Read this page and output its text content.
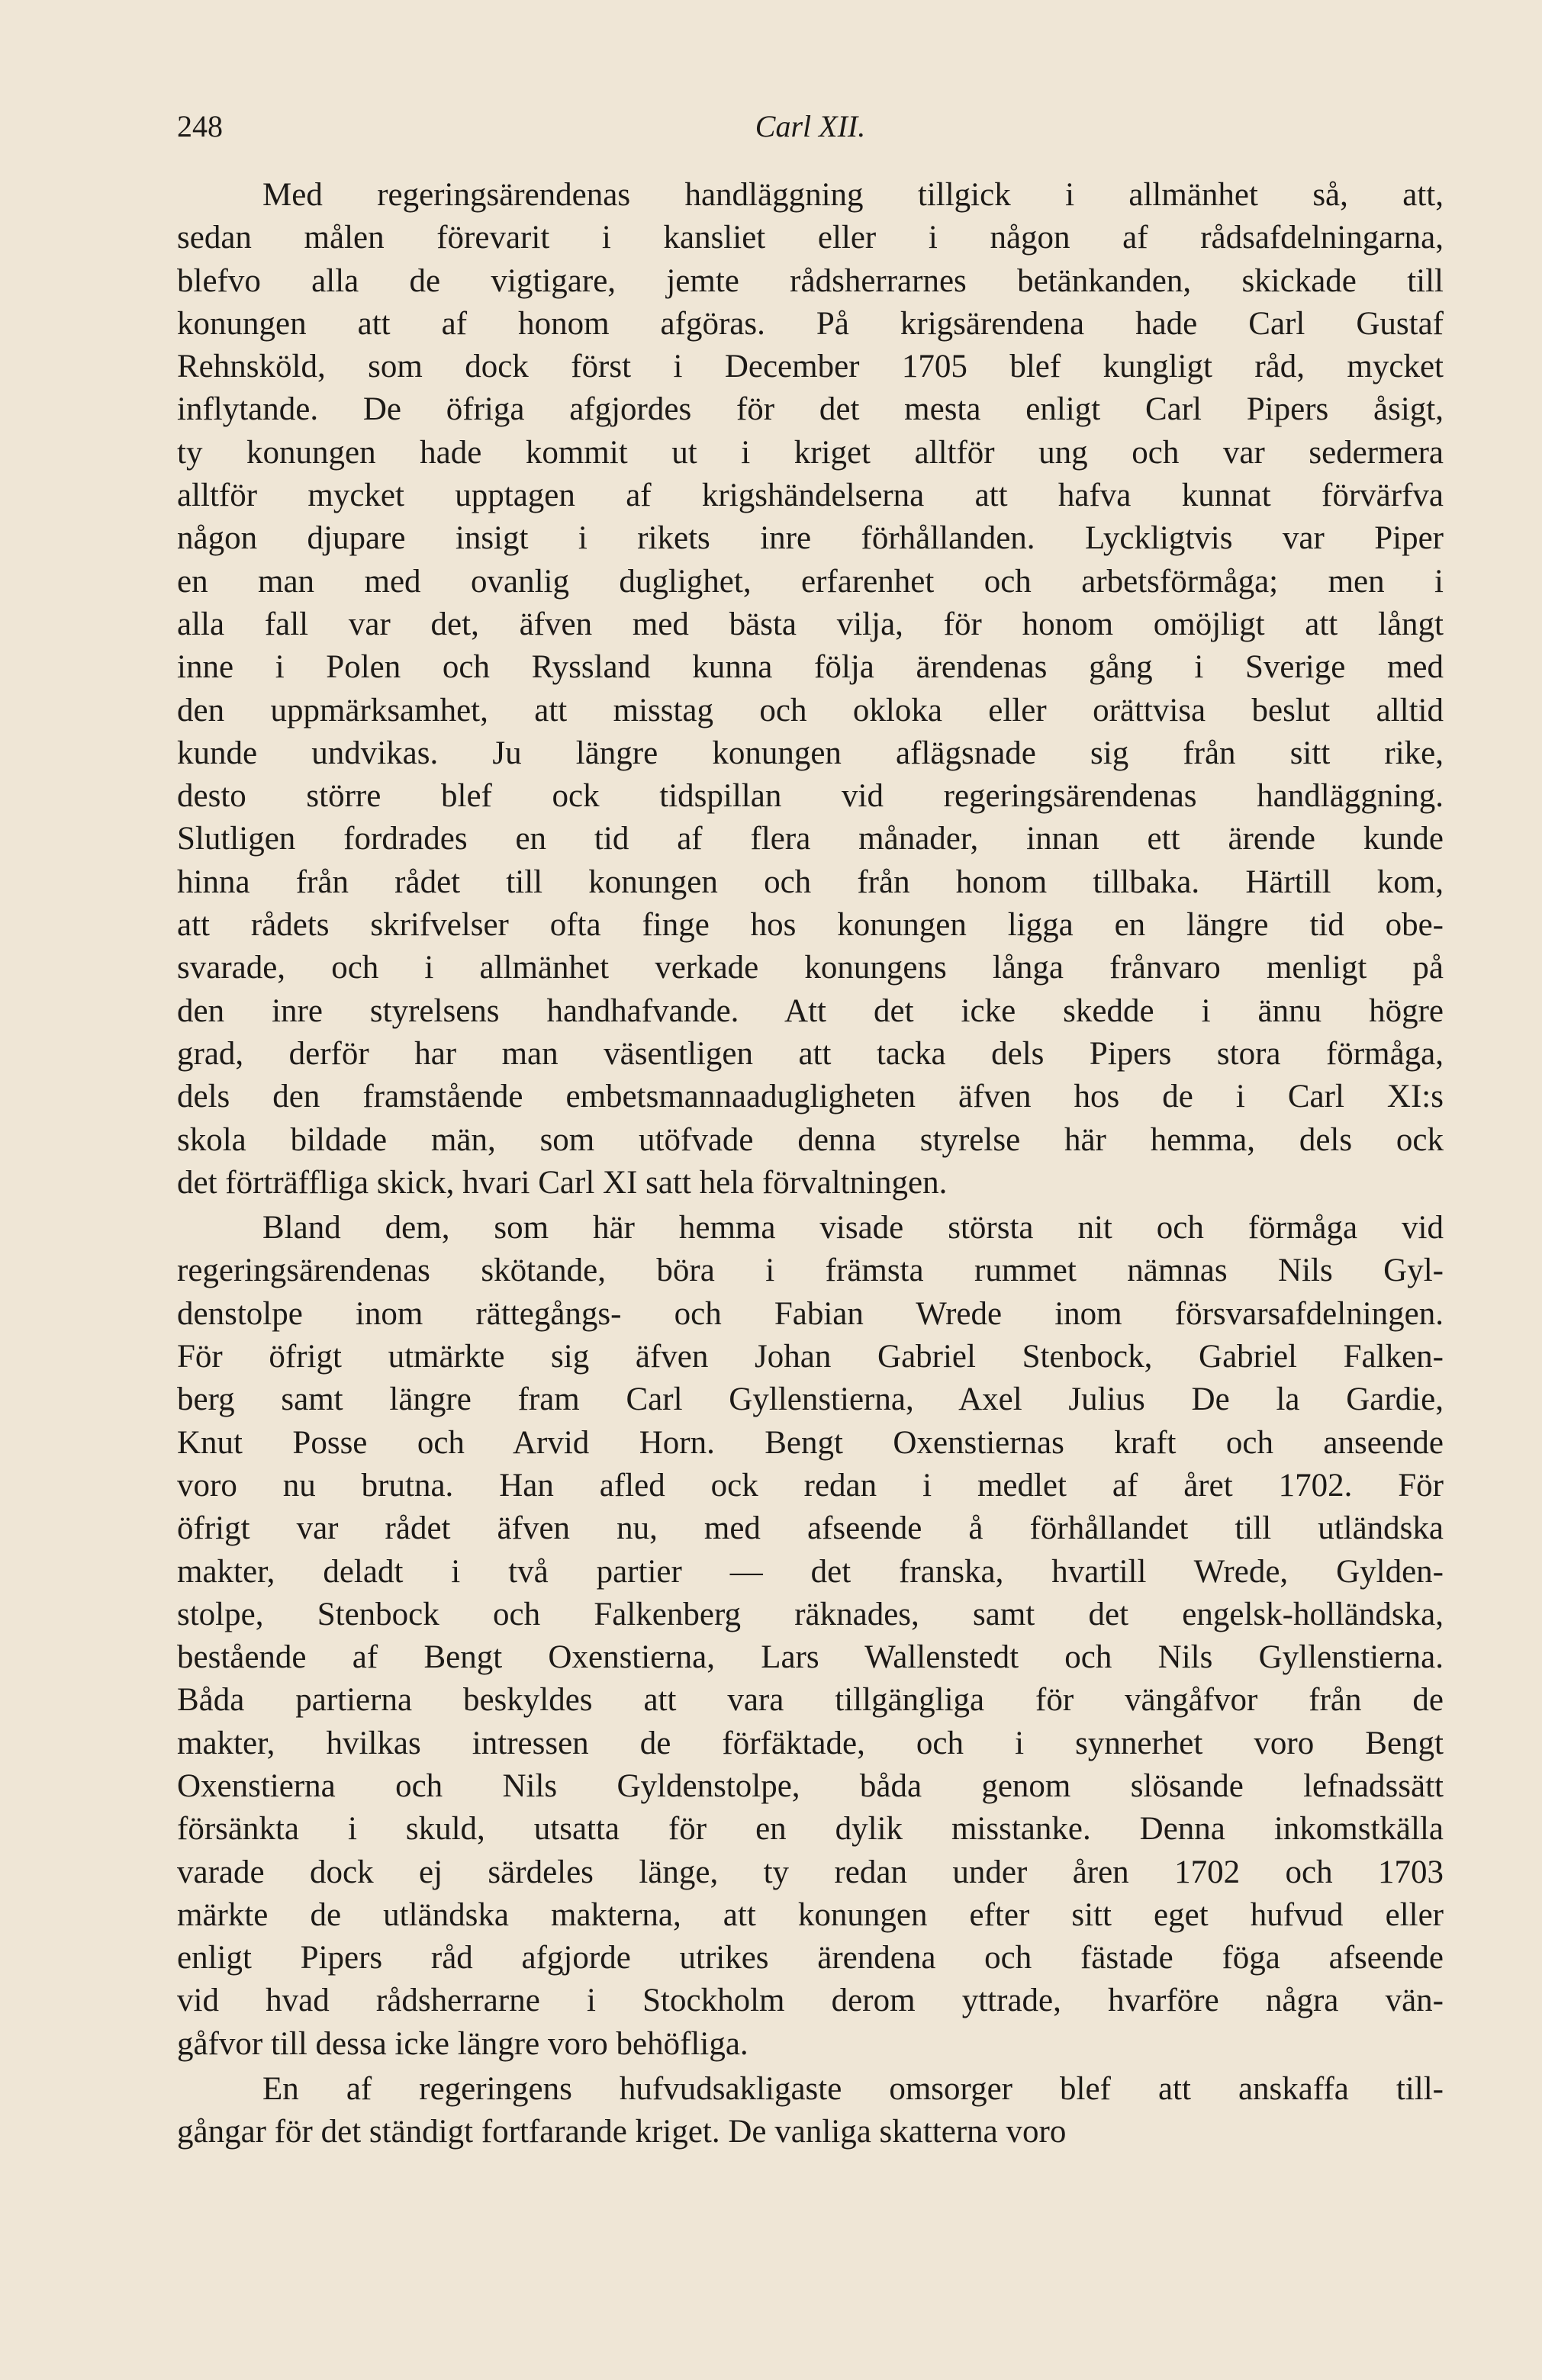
248	Carl XII.

Med regeringsärendenas handläggning tillgick i allmänhet så, att,
sedan målen förevarit i kansliet eller i någon af rådsafdelningarna,
blefvo alla de vigtigare, jemte rådsherrarnes betänkanden, skickade till
konungen att af honom afgöras. På krigsärendena hade Carl Gustaf
Rehnsköld, som dock först i December 1705 blef kungligt råd, mycket
inflytande. De öfriga afgjordes för det mesta enligt Carl Pipers åsigt,
ty konungen hade kommit ut i kriget alltför ung och var sedermera
alltför mycket upptagen af krigshändelserna att hafva kunnat förvärfva
någon djupare insigt i rikets inre förhållanden. Lyckligtvis var Piper
en man med ovanlig duglighet, erfarenhet och arbetsförmåga; men i
alla fall var det, äfven med bästa vilja, för honom omöjligt att långt
inne i Polen och Ryssland kunna följa ärendenas gång i Sverige med
den uppmärksamhet, att misstag och okloka eller orättvisa beslut alltid
kunde undvikas. Ju längre konungen aflägsnade sig från sitt rike,
desto större blef ock tidspillan vid regeringsärendenas handläggning.
Slutligen fordrades en tid af flera månader, innan ett ärende kunde
hinna från rådet till konungen och från honom tillbaka. Härtill kom,
att rådets skrifvelser ofta finge hos konungen ligga en längre tid obe-
svarade, och i allmänhet verkade konungens långa frånvaro menligt på
den inre styrelsens handhafvande. Att det icke skedde i ännu högre
grad, derför har man väsentligen att tacka dels Pipers stora förmåga,
dels den framstående embetsmannaadugligheten äfven hos de i Carl XI:s
skola bildade män, som utöfvade denna styrelse här hemma, dels ock
det förträffliga skick, hvari Carl XI satt hela förvaltningen.

Bland dem, som här hemma visade största nit och förmåga vid
regeringsärendenas skötande, böra i främsta rummet nämnas Nils Gyl-
denstolpe inom rättegångs- och Fabian Wrede inom försvarsafdelningen.
För öfrigt utmärkte sig äfven Johan Gabriel Stenbock, Gabriel Falken-
berg samt längre fram Carl Gyllenstierna, Axel Julius De la Gardie,
Knut Posse och Arvid Horn. Bengt Oxenstiernas kraft och anseende
voro nu brutna. Han afled ock redan i medlet af året 1702. För
öfrigt var rådet äfven nu, med afseende å förhållandet till utländska
makter, deladt i två partier — det franska, hvartill Wrede, Gylden-
stolpe, Stenbock och Falkenberg räknades, samt det engelsk-holländska,
bestående af Bengt Oxenstierna, Lars Wallenstedt och Nils Gyllenstierna.
Båda partierna beskyldes att vara tillgängliga för vängåfvor från de
makter, hvilkas intressen de förfäktade, och i synnerhet voro Bengt
Oxenstierna och Nils Gyldenstolpe, båda genom slösande lefnadssätt
försänkta i skuld, utsatta för en dylik misstanke. Denna inkomstkälla
varade dock ej särdeles länge, ty redan under åren 1702 och 1703
märkte de utländska makterna, att konungen efter sitt eget hufvud eller
enligt Pipers råd afgjorde utrikes ärendena och fästade föga afseende
vid hvad rådsherrarne i Stockholm derom yttrade, hvarföre några vän-
gåfvor till dessa icke längre voro behöfliga.

En af regeringens hufvudsakligaste omsorger blef att anskaffa till-
gångar för det ständigt fortfarande kriget. De vanliga skatterna voro
